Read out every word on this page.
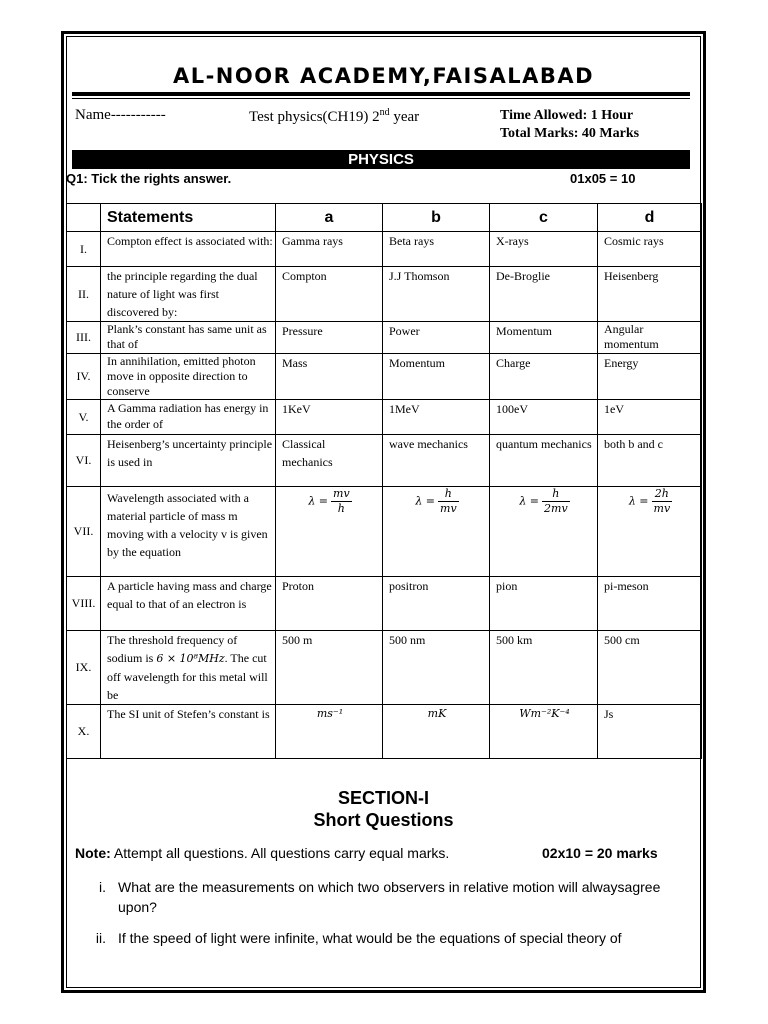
AL-NOOR ACADEMY,FAISALABAD
Name-----------	Test physics(CH19) 2nd year	Time Allowed: 1 Hour
Total Marks: 40 Marks
PHYSICS
Q1: Tick the rights answer.	01x05 = 10
	Statements	a	b	c	d
I.	Compton effect is associated with:	Gamma rays	Beta rays	X-rays	Cosmic rays
II.	the principle regarding the dual nature of light was first discovered by:	Compton	J.J Thomson	De-Broglie	Heisenberg
III.	Plank’s constant has same unit as that of	Pressure	Power	Momentum	Angular momentum
IV.	In annihilation, emitted photon move in opposite direction to conserve	Mass	Momentum	Charge	Energy
V.	A Gamma radiation has energy in the order of	1KeV	1MeV	100eV	1eV
VI.	Heisenberg’s uncertainty principle is used in	Classical mechanics	wave mechanics	quantum mechanics	both b and c
VII.	Wavelength associated with a material particle of mass m moving with a velocity v is given by the equation	$\lambda = \frac{mv}{h}$	$\lambda = \frac{h}{mv}$	$\lambda = \frac{h}{2mv}$	$\lambda = \frac{2h}{mv}$

VIII.	A particle having mass and charge equal to that of an electron is	Proton	positron	pion	pi-meson
IX.	The threshold frequency of sodium is 6 × 10⁸MHz. The cut off wavelength for this metal will be	500 m	500 nm	500 km	500 cm
X.	The SI unit of Stefen’s constant is	ms⁻¹	mK	Wm⁻²K⁻⁴	Js
SECTION-I
Short Questions
Note: Attempt all questions. All questions carry equal marks.	02x10 = 20 marks
i. What are the measurements on which two observers in relative motion will alwaysagree upon?
ii. If the speed of light were infinite, what would be the equations of special theory of
